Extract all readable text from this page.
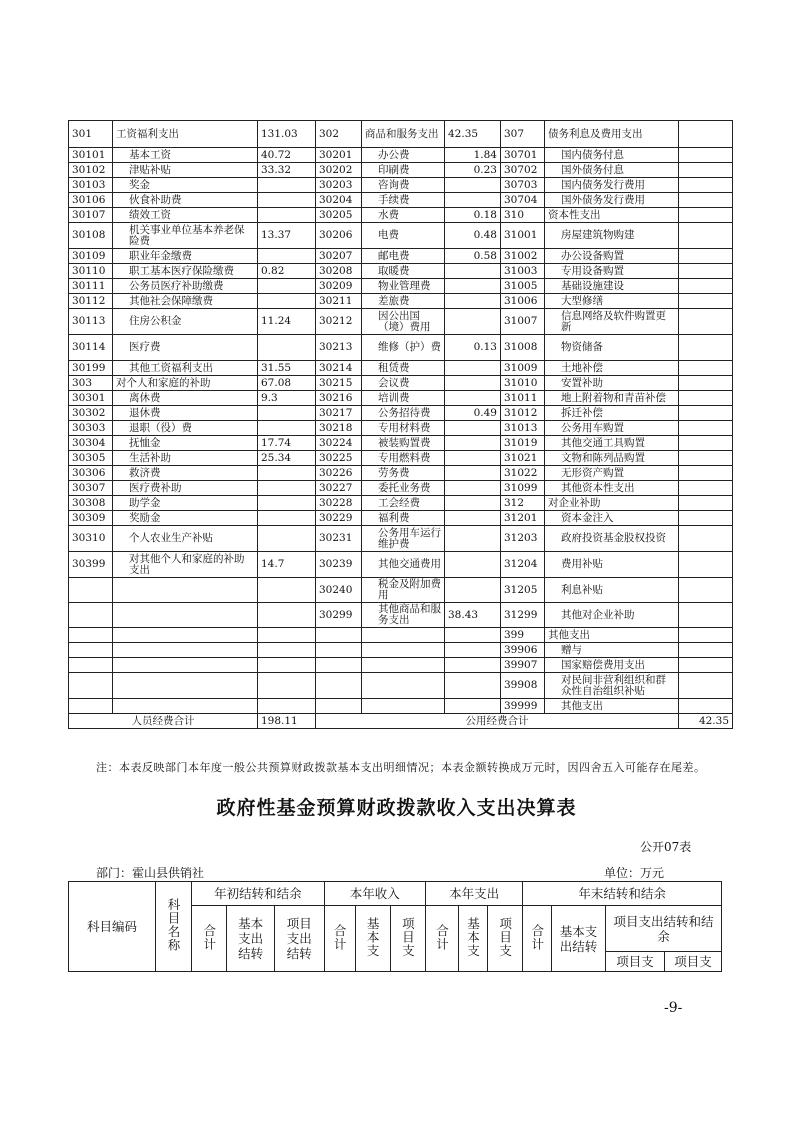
301	工资福利支出	131.03	302	商品和服务支出	42.35	307	债务利息及费用支出	
30101	基本工资	40.72	30201	办公费	1.84	30701	国内债务付息	
30102	津贴补贴	33.32	30202	印刷费	0.23	30702	国外债务付息	
30103	奖金		30203	咨询费		30703	国内债务发行费用	
30106	伙食补助费		30204	手续费		30704	国外债务发行费用	
30107	绩效工资		30205	水费	0.18	310	资本性支出	
30108	机关事业单位基本养老保险费	13.37	30206	电费	0.48	31001	房屋建筑物购建	
30109	职业年金缴费		30207	邮电费	0.58	31002	办公设备购置	
30110	职工基本医疗保险缴费	0.82	30208	取暖费		31003	专用设备购置	
30111	公务员医疗补助缴费		30209	物业管理费		31005	基础设施建设	
30112	其他社会保障缴费		30211	差旅费		31006	大型修缮	
30113	住房公积金	11.24	30212	因公出国（境）费用		31007	信息网络及软件购置更新	
30114	医疗费		30213	维修（护）费	0.13	31008	物资储备	
30199	其他工资福利支出	31.55	30214	租赁费		31009	土地补偿	
303	对个人和家庭的补助	67.08	30215	会议费		31010	安置补助	
30301	离休费	9.3	30216	培训费		31011	地上附着物和青苗补偿	
30302	退休费		30217	公务招待费	0.49	31012	拆迁补偿	
30303	退职（役）费		30218	专用材料费		31013	公务用车购置	
30304	抚恤金	17.74	30224	被装购置费		31019	其他交通工具购置	
30305	生活补助	25.34	30225	专用燃料费		31021	文物和陈列品购置	
30306	救济费		30226	劳务费		31022	无形资产购置	
30307	医疗费补助		30227	委托业务费		31099	其他资本性支出	
30308	助学金		30228	工会经费		312	对企业补助	
30309	奖励金		30229	福利费		31201	资本金注入	
30310	个人农业生产补贴		30231	公务用车运行维护费		31203	政府投资基金股权投资	
30399	对其他个人和家庭的补助支出	14.7	30239	其他交通费用		31204	费用补贴	
			30240	税金及附加费用		31205	利息补贴	
			30299	其他商品和服务支出	38.43	31299	其他对企业补助	
						399	其他支出	
						39906	赠与	
						39907	国家赔偿费用支出	
						39908	对民间非营利组织和群众性自治组织补贴	
						39999	其他支出	
人员经费合计		198.11	公用经费合计					42.35
注：本表反映部门本年度一般公共预算财政拨款基本支出明细情况；本表金额转换成万元时，因四舍五入可能存在尾差。
政府性基金预算财政拨款收入支出决算表
公开07表
部门：霍山县供销社	单位：万元
科目编码	科目名称	年初结转和结余			本年收入			本年支出			年末结转和结余			
		合计	基本支出结转	项目支出结转	合计	基本支	项目支	合计	基本支	项目支	合计	基本支出结转	项目支出结转和结余	
													项目支	项目支
-9-
